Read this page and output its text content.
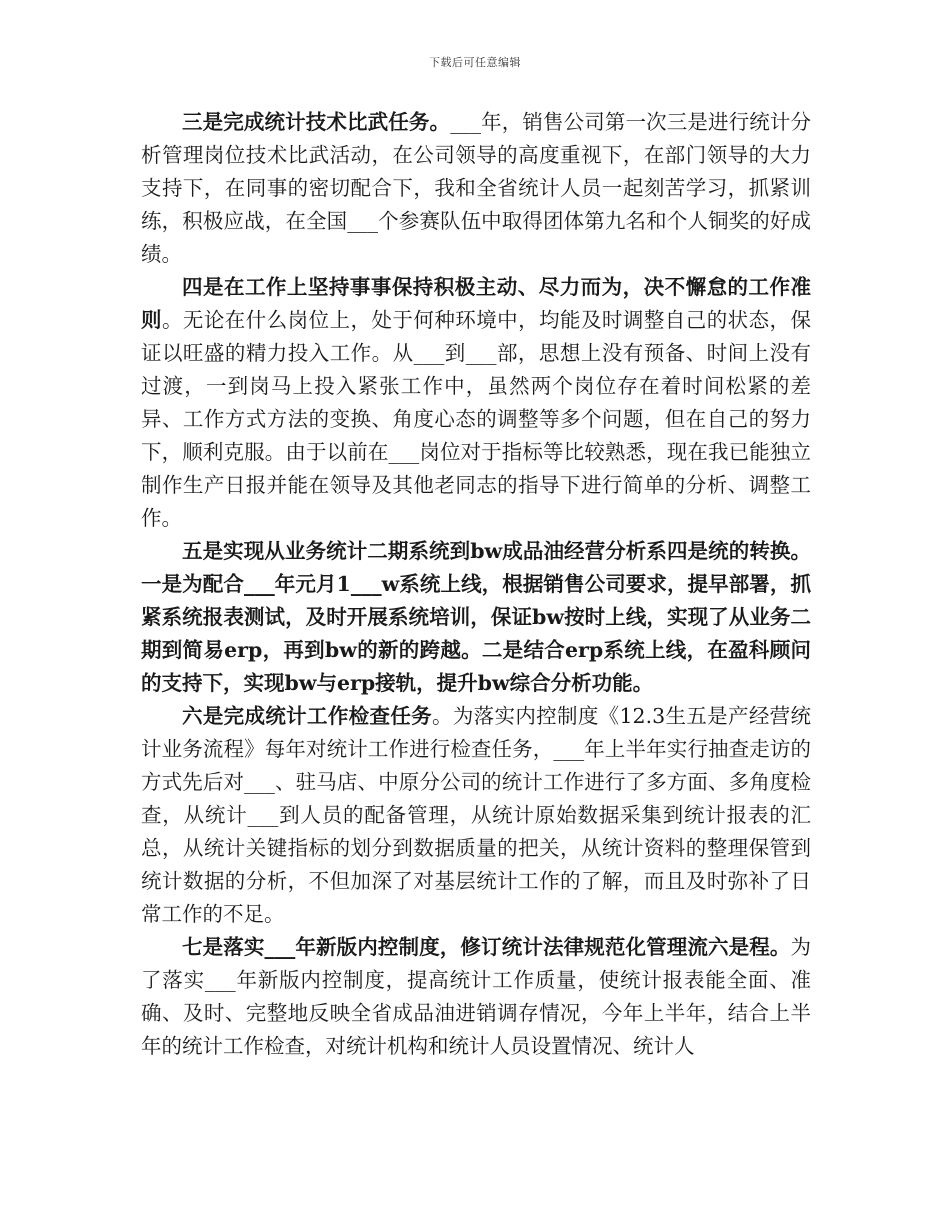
下载后可任意编辑

三是完成统计技术比武任务。___年，销售公司第一次三是进行统计分析管理岗位技术比武活动，在公司领导的高度重视下，在部门领导的大力支持下，在同事的密切配合下，我和全省统计人员一起刻苦学习，抓紧训练，积极应战，在全国___个参赛队伍中取得团体第九名和个人铜奖的好成绩。

四是在工作上坚持事事保持积极主动、尽力而为，决不懈怠的工作准则。无论在什么岗位上，处于何种环境中，均能及时调整自己的状态，保证以旺盛的精力投入工作。从___到___部，思想上没有预备、时间上没有过渡，一到岗马上投入紧张工作中，虽然两个岗位存在着时间松紧的差异、工作方式方法的变换、角度心态的调整等多个问题，但在自己的努力下，顺利克服。由于以前在___岗位对于指标等比较熟悉，现在我已能独立制作生产日报并能在领导及其他老同志的指导下进行简单的分析、调整工作。

五是实现从业务统计二期系统到bw成品油经营分析系四是统的转换。一是为配合___年元月1___w系统上线，根据销售公司要求，提早部署，抓紧系统报表测试，及时开展系统培训，保证bw按时上线，实现了从业务二期到简易erp，再到bw的新的跨越。二是结合erp系统上线，在盈科顾问的支持下，实现bw与erp接轨，提升bw综合分析功能。

六是完成统计工作检查任务。为落实内控制度《12.3生五是产经营统计业务流程》每年对统计工作进行检查任务，___年上半年实行抽查走访的方式先后对___、驻马店、中原分公司的统计工作进行了多方面、多角度检查，从统计___到人员的配备管理，从统计原始数据采集到统计报表的汇总，从统计关键指标的划分到数据质量的把关，从统计资料的整理保管到统计数据的分析，不但加深了对基层统计工作的了解，而且及时弥补了日常工作的不足。

七是落实___年新版内控制度，修订统计法律规范化管理流六是程。为了落实___年新版内控制度，提高统计工作质量，使统计报表能全面、准确、及时、完整地反映全省成品油进销调存情况，今年上半年，结合上半年的统计工作检查，对统计机构和统计人员设置情况、统计人
